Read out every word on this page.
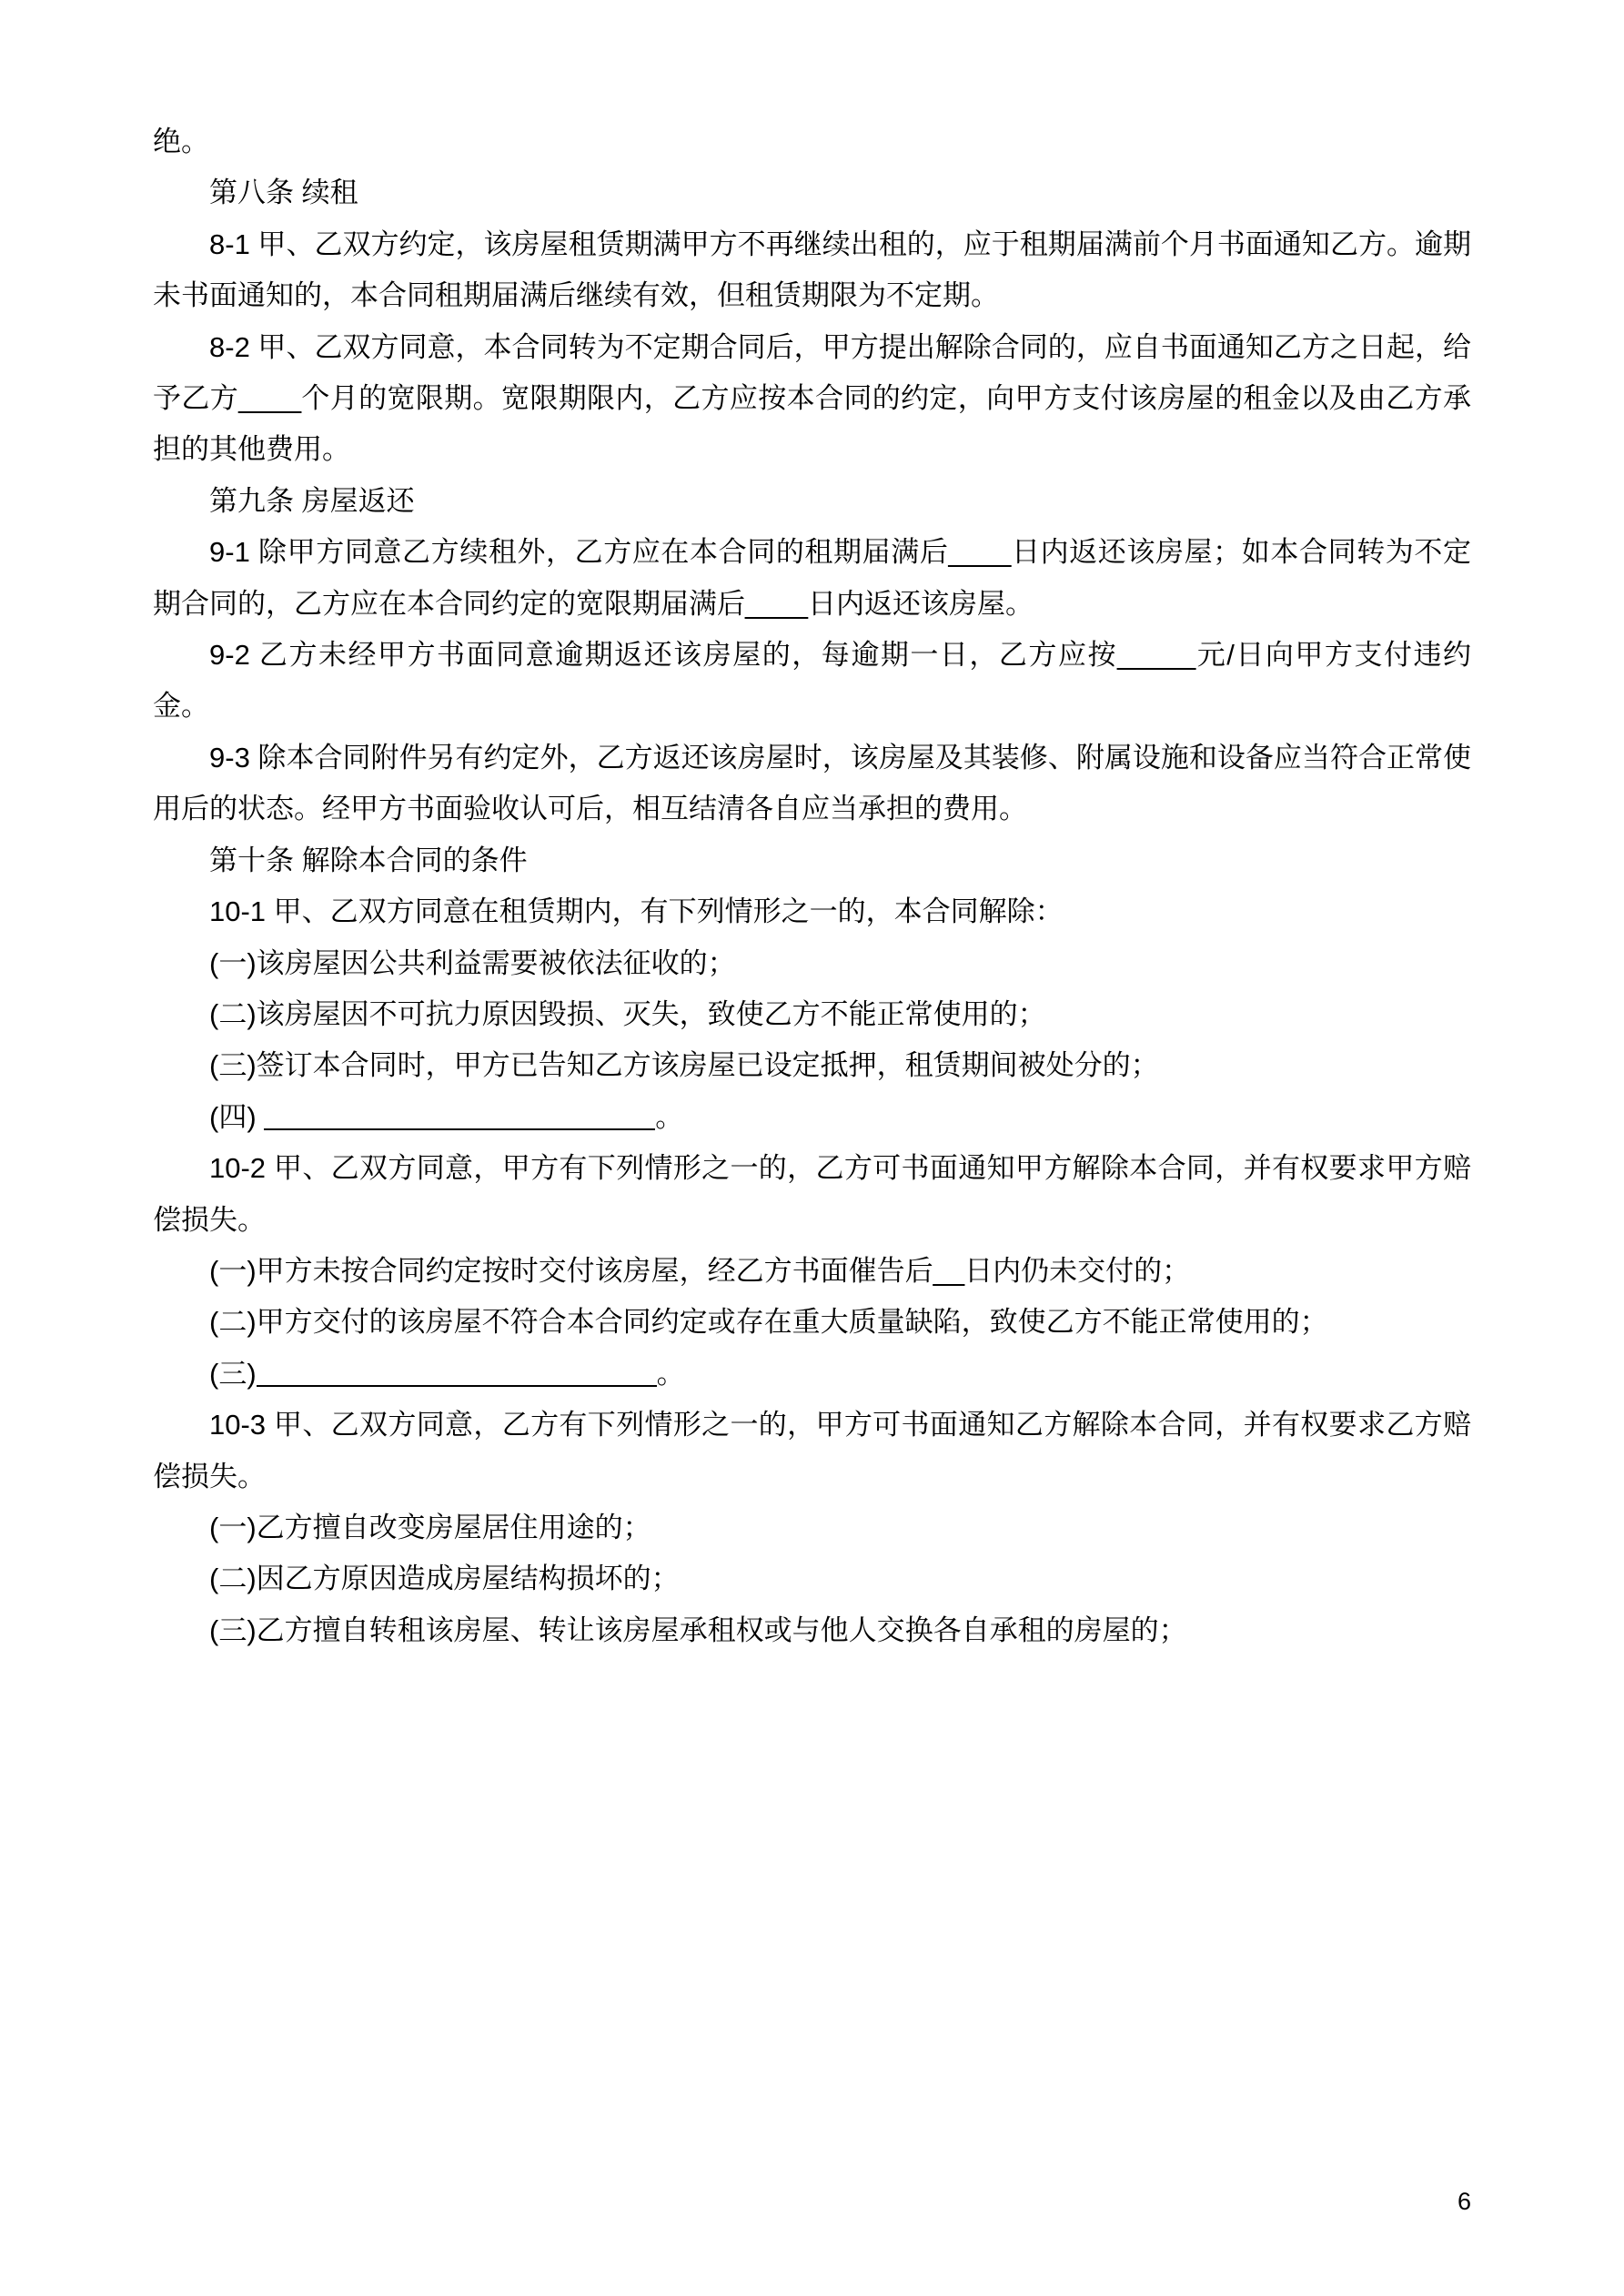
绝。

第八条 续租

8‑1 甲、乙双方约定，该房屋租赁期满甲方不再继续出租的，应于租期届满前个月书面通知乙方。逾期未书面通知的，本合同租期届满后继续有效，但租赁期限为不定期。

8‑2 甲、乙双方同意，本合同转为不定期合同后，甲方提出解除合同的，应自书面通知乙方之日起，给予乙方____个月的宽限期。宽限期限内，乙方应按本合同的约定，向甲方支付该房屋的租金以及由乙方承担的其他费用。

第九条 房屋返还

9‑1 除甲方同意乙方续租外，乙方应在本合同的租期届满后____日内返还该房屋；如本合同转为不定期合同的，乙方应在本合同约定的宽限期届满后____日内返还该房屋。

9‑2 乙方未经甲方书面同意逾期返还该房屋的，每逾期一日，乙方应按_____元/日向甲方支付违约金。

9‑3 除本合同附件另有约定外，乙方返还该房屋时，该房屋及其装修、附属设施和设备应当符合正常使用后的状态。经甲方书面验收认可后，相互结清各自应当承担的费用。

第十条 解除本合同的条件

10‑1 甲、乙双方同意在租赁期内，有下列情形之一的，本合同解除：

(一)该房屋因公共利益需要被依法征收的；

(二)该房屋因不可抗力原因毁损、灭失，致使乙方不能正常使用的；

(三)签订本合同时，甲方已告知乙方该房屋已设定抵押，租赁期间被处分的；

(四)	。

10‑2 甲、乙双方同意，甲方有下列情形之一的，乙方可书面通知甲方解除本合同，并有权要求甲方赔偿损失。

(一)甲方未按合同约定按时交付该房屋，经乙方书面催告后__日内仍未交付的；

(二)甲方交付的该房屋不符合本合同约定或存在重大质量缺陷，致使乙方不能正常使用的；

(三)	。

10‑3 甲、乙双方同意，乙方有下列情形之一的，甲方可书面通知乙方解除本合同，并有权要求乙方赔偿损失。

(一)乙方擅自改变房屋居住用途的；

(二)因乙方原因造成房屋结构损坏的；

(三)乙方擅自转租该房屋、转让该房屋承租权或与他人交换各自承租的房屋的；

6
